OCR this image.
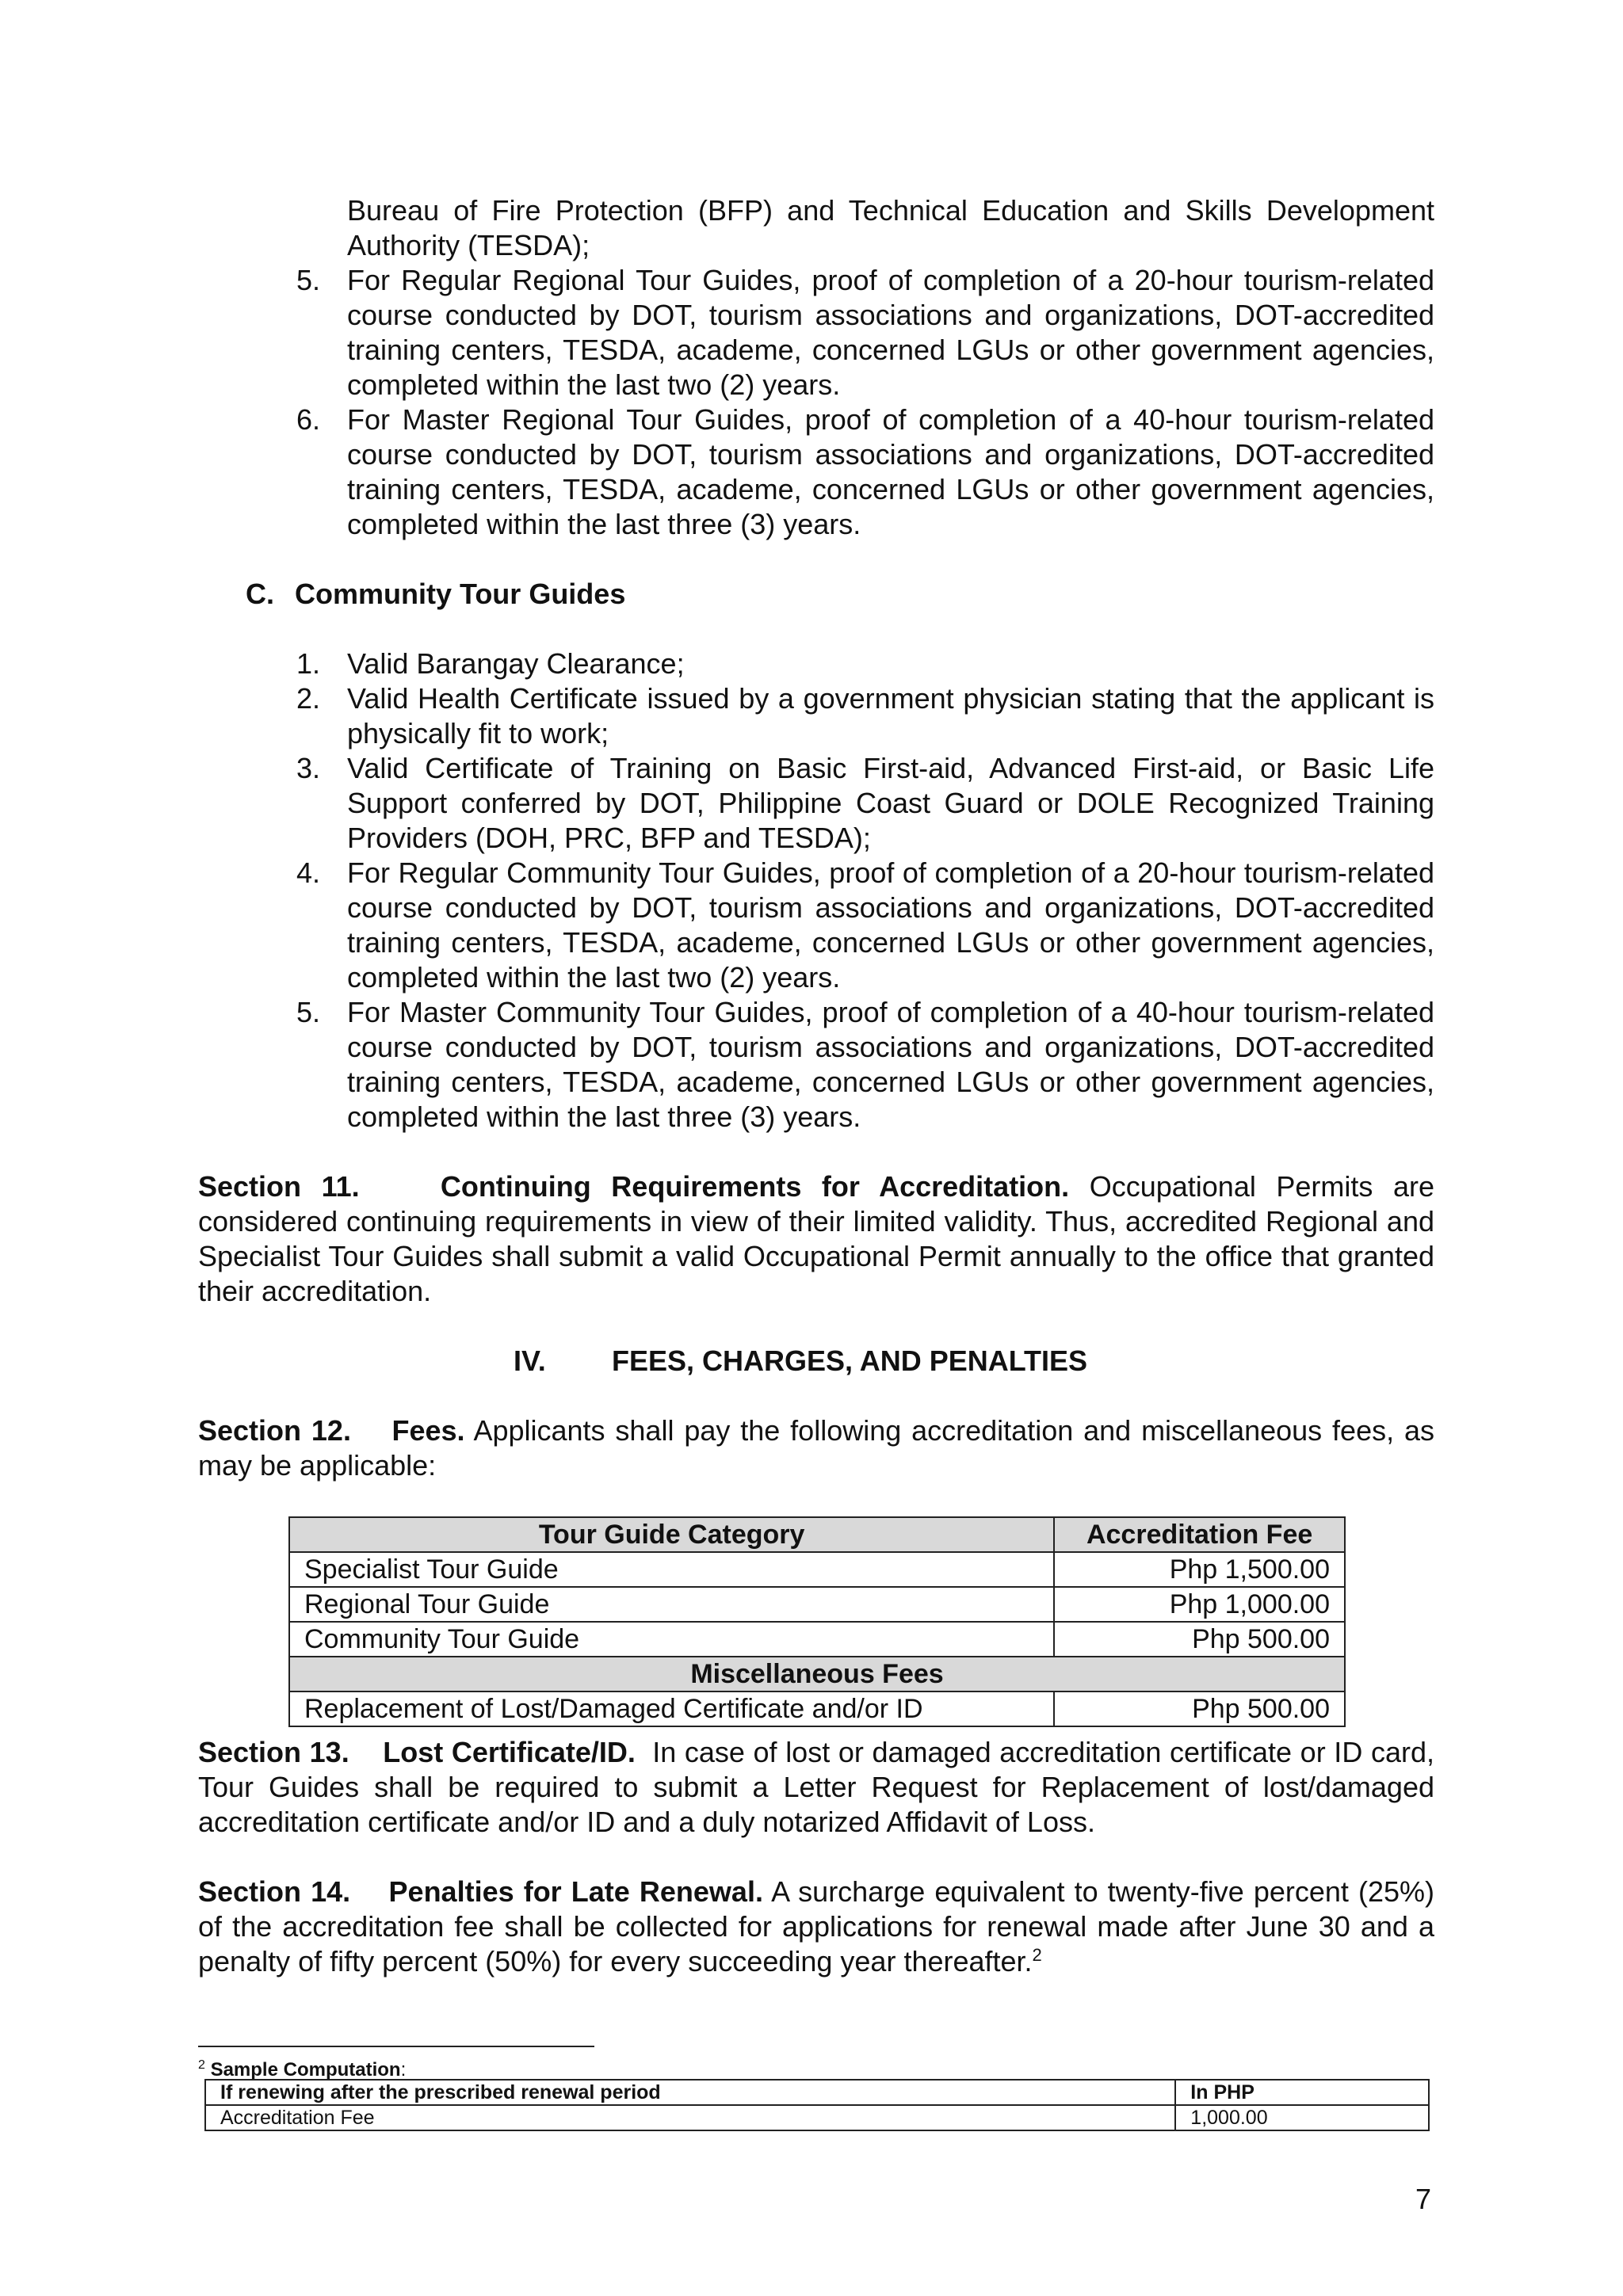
Bureau of Fire Protection (BFP) and Technical Education and Skills Development Authority (TESDA);

5. For Regular Regional Tour Guides, proof of completion of a 20-hour tourism-related course conducted by DOT, tourism associations and organizations, DOT-accredited training centers, TESDA, academe, concerned LGUs or other government agencies, completed within the last two (2) years.
6. For Master Regional Tour Guides, proof of completion of a 40-hour tourism-related course conducted by DOT, tourism associations and organizations, DOT-accredited training centers, TESDA, academe, concerned LGUs or other government agencies, completed within the last three (3) years.

C. Community Tour Guides

1. Valid Barangay Clearance;
2. Valid Health Certificate issued by a government physician stating that the applicant is physically fit to work;
3. Valid Certificate of Training on Basic First-aid, Advanced First-aid, or Basic Life Support conferred by DOT, Philippine Coast Guard or DOLE Recognized Training Providers (DOH, PRC, BFP and TESDA);
4. For Regular Community Tour Guides, proof of completion of a 20-hour tourism-related course conducted by DOT, tourism associations and organizations, DOT-accredited training centers, TESDA, academe, concerned LGUs or other government agencies, completed within the last two (2) years.
5. For Master Community Tour Guides, proof of completion of a 40-hour tourism-related course conducted by DOT, tourism associations and organizations, DOT-accredited training centers, TESDA, academe, concerned LGUs or other government agencies, completed within the last three (3) years.

Section 11.	Continuing Requirements for Accreditation. Occupational Permits are considered continuing requirements in view of their limited validity. Thus, accredited Regional and Specialist Tour Guides shall submit a valid Occupational Permit annually to the office that granted their accreditation.

IV. FEES, CHARGES, AND PENALTIES

Section 12. Fees. Applicants shall pay the following accreditation and miscellaneous fees, as may be applicable:

Tour Guide Category	Accreditation Fee
Specialist Tour Guide	Php 1,500.00
Regional Tour Guide	Php 1,000.00
Community Tour Guide	Php 500.00
Miscellaneous Fees	
Replacement of Lost/Damaged Certificate and/or ID	Php 500.00

Section 13. Lost Certificate/ID. In case of lost or damaged accreditation certificate or ID card, Tour Guides shall be required to submit a Letter Request for Replacement of lost/damaged accreditation certificate and/or ID and a duly notarized Affidavit of Loss.

Section 14. Penalties for Late Renewal. A surcharge equivalent to twenty-five percent (25%) of the accreditation fee shall be collected for applications for renewal made after June 30 and a penalty of fifty percent (50%) for every succeeding year thereafter.$^2$

$^2$ Sample Computation:
If renewing after the prescribed renewal period	In PHP
Accreditation Fee	1,000.00
7
